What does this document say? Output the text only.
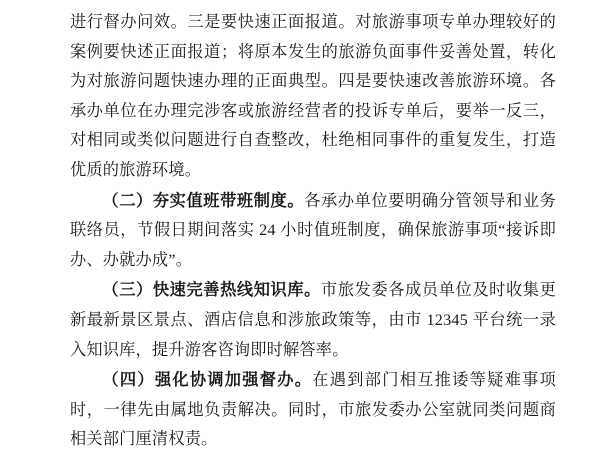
进行督办问效。三是要快速正面报道。对旅游事项专单办理较好的案例要快述正面报道；将原本发生的旅游负面事件妥善处置，转化为对旅游问题快速办理的正面典型。四是要快速改善旅游环境。各承办单位在办理完涉客或旅游经营者的投诉专单后，要举一反三，对相同或类似问题进行自查整改，杜绝相同事件的重复发生，打造优质的旅游环境。

（二）夯实值班带班制度。各承办单位要明确分管领导和业务联络员，节假日期间落实 24 小时值班制度，确保旅游事项“接诉即办、办就办成”。

（三）快速完善热线知识库。市旅发委各成员单位及时收集更新最新景区景点、酒店信息和涉旅政策等，由市 12345 平台统一录入知识库，提升游客咨询即时解答率。

（四）强化协调加强督办。在遇到部门相互推诿等疑难事项时，一律先由属地负责解决。同时，市旅发委办公室就同类问题商相关部门厘清权责。
